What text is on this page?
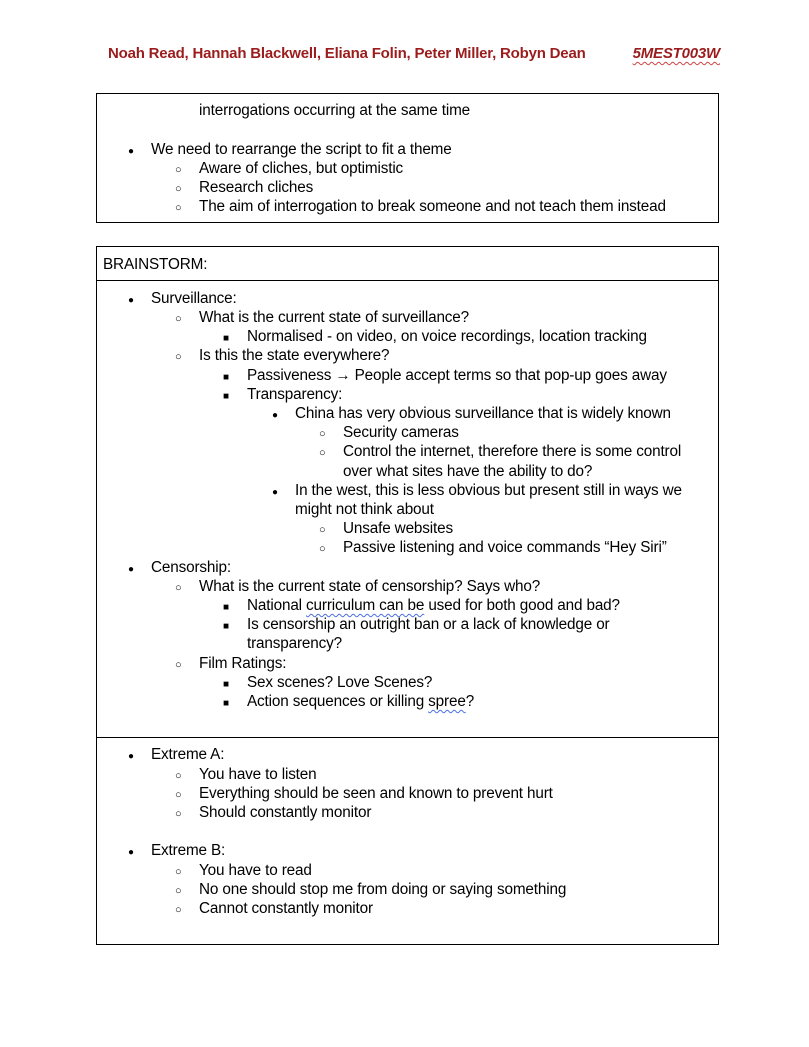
Noah Read, Hannah Blackwell, Eliana Folin, Peter Miller, Robyn Dean	5MEST003W
interrogations occurring at the same time
●
We need to rearrange the script to fit a theme
○
Aware of cliches, but optimistic
○
Research cliches
○
The aim of interrogation to break someone and not teach them instead
BRAINSTORM:
●
Surveillance:
○
What is the current state of surveillance?
■
Normalised - on video, on voice recordings, location tracking
○
Is this the state everywhere?
■
Passiveness → People accept terms so that pop-up goes away
■
Transparency:
●
China has very obvious surveillance that is widely known
○
Security cameras
○
Control the internet, therefore there is some control
over what sites have the ability to do?
●
In the west, this is less obvious but present still in ways we
might not think about
○
Unsafe websites
○
Passive listening and voice commands “Hey Siri”
●
Censorship:
○
What is the current state of censorship? Says who?
■
National curriculum can be used for both good and bad?
■
Is censorship an outright ban or a lack of knowledge or
transparency?
○
Film Ratings:
■
Sex scenes? Love Scenes?
■
Action sequences or killing spree?
●
Extreme A:
○
You have to listen
○
Everything should be seen and known to prevent hurt
○
Should constantly monitor
●
Extreme B:
○
You have to read
○
No one should stop me from doing or saying something
○
Cannot constantly monitor
